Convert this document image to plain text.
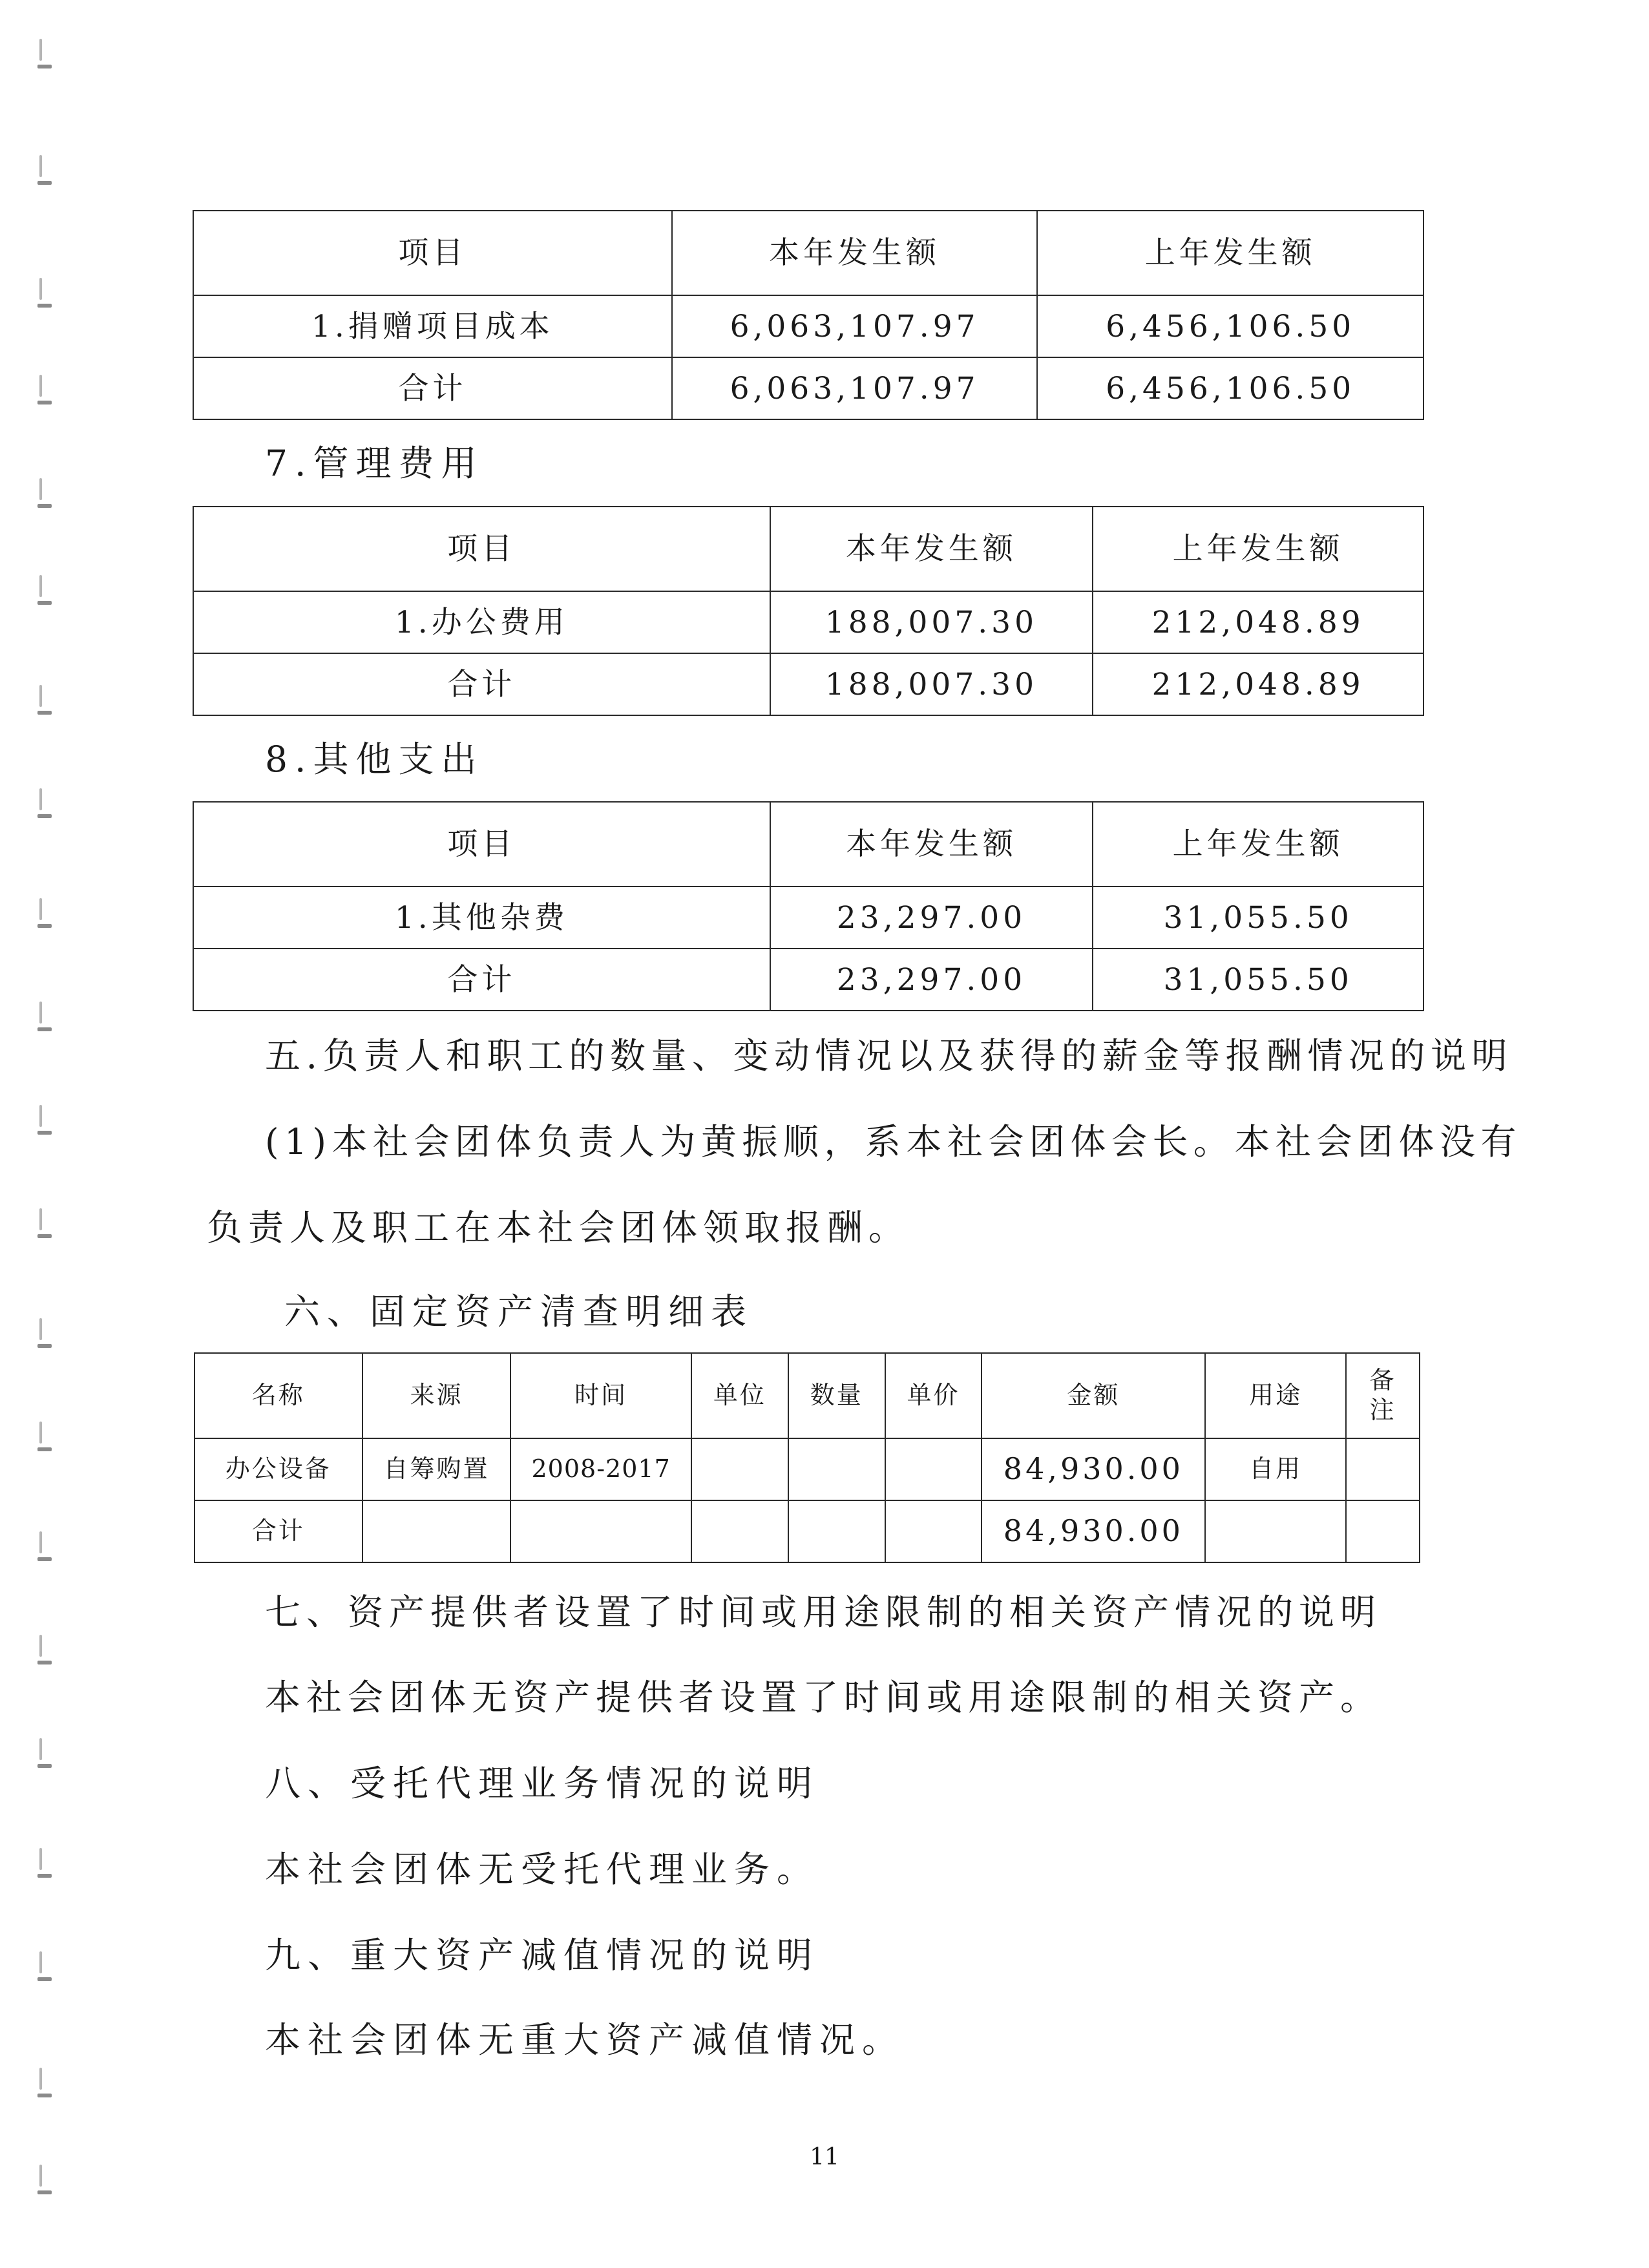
项目	本年发生额	上年发生额
1.捐赠项目成本	6,063,107.97	6,456,106.50
合计	6,063,107.97	6,456,106.50
7.管理费用
项目	本年发生额	上年发生额
1.办公费用	188,007.30	212,048.89
合计	188,007.30	212,048.89
8.其他支出
项目	本年发生额	上年发生额
1.其他杂费	23,297.00	31,055.50
合计	23,297.00	31,055.50
五.负责人和职工的数量、变动情况以及获得的薪金等报酬情况的说明
(1)本社会团体负责人为黄振顺，系本社会团体会长。本社会团体没有
负责人及职工在本社会团体领取报酬。
六、固定资产清查明细表
名称	来源	时间	单位	数量	单价	金额	用途	备注
办公设备	自筹购置	2008-2017				84,930.00	自用	
合计						84,930.00		
七、资产提供者设置了时间或用途限制的相关资产情况的说明
本社会团体无资产提供者设置了时间或用途限制的相关资产。
八、受托代理业务情况的说明
本社会团体无受托代理业务。
九、重大资产减值情况的说明
本社会团体无重大资产减值情况。
11
